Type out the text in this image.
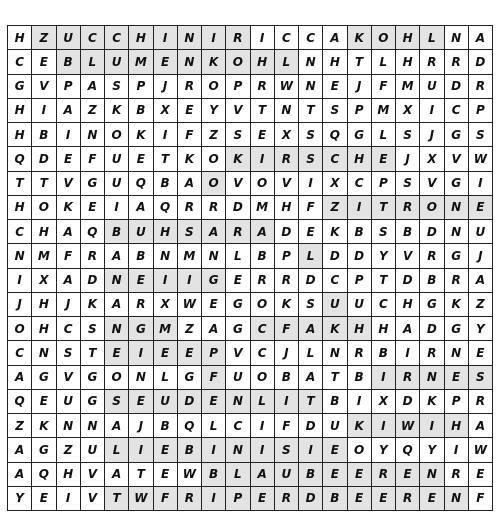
H	Z	U	C	C	H	I	N	I	R	I	C	C	A	K	O	H	L	N	A
C	E	B	L	U	M	E	N	K	O	H	L	N	H	T	L	H	R	R	D
G	V	P	A	S	P	J	R	O	P	R	W	N	E	J	F	M	U	D	R
H	I	A	Z	K	B	X	E	Y	V	T	N	T	S	P	M	X	I	C	P
H	B	I	N	O	K	I	F	Z	S	E	X	S	Q	G	L	S	J	G	S
Q	D	E	F	U	E	T	K	O	K	I	R	S	C	H	E	J	X	V	W
T	T	V	G	U	Q	B	A	O	V	O	V	I	X	C	P	S	V	G	I
H	O	K	E	I	A	Q	R	R	D	M	H	F	Z	I	T	R	O	N	E
C	H	A	Q	B	U	H	S	A	R	A	D	E	K	B	S	B	D	N	U
N	M	F	R	A	B	N	M	N	L	B	P	L	D	D	Y	V	R	G	J
I	X	A	D	N	E	I	I	G	E	R	R	D	C	P	T	D	B	R	A
J	H	J	K	A	R	X	W	E	G	O	K	S	U	U	C	H	G	K	Z
O	H	C	S	N	G	M	Z	A	G	C	F	A	K	H	H	A	D	G	Y
C	N	S	T	E	I	E	E	P	V	C	J	L	N	R	B	I	R	N	E
A	G	V	G	O	N	L	G	F	U	O	B	A	T	B	I	R	N	E	S
Q	E	U	G	S	E	U	D	E	N	L	I	T	B	I	X	D	K	P	R
Z	K	N	N	A	J	B	Q	L	C	I	F	D	U	K	I	W	I	H	A
A	G	Z	U	L	I	E	B	I	N	I	S	I	E	O	Y	Q	Y	I	W
A	Q	H	V	A	T	E	W	B	L	A	U	B	E	E	R	E	N	R	E
Y	E	I	V	T	W	F	R	I	P	E	R	D	B	E	E	R	E	N	F
